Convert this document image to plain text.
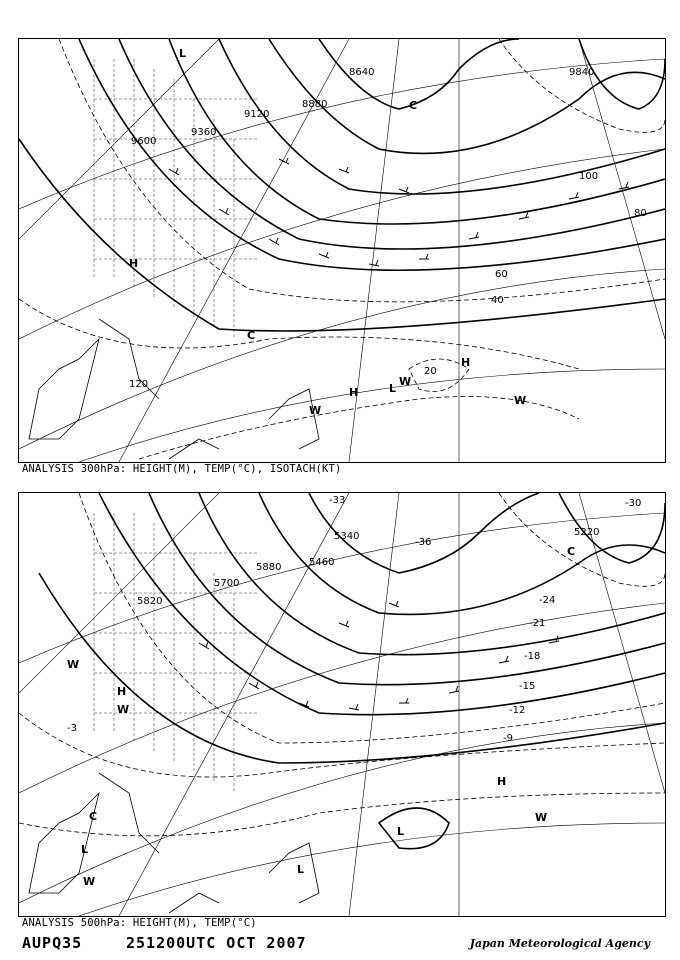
8640
8880
9120
9360
9600
9840
20
40
60
80
100
120
H
H
H
L
L
C
C
W
W
W
ANALYSIS 300hPa: HEIGHT(M), TEMP(°C), ISOTACH(KT)
5220
5340
5460
5700
5820
5880
-33	-30
-36
-24
-21
-18
-15
-12
-9
-3
H
H
L
L
L
W
W
W
W
C
C
ANALYSIS 500hPa: HEIGHT(M), TEMP(°C)
AUPQ35	251200UTC OCT 2007	Japan Meteorological Agency
